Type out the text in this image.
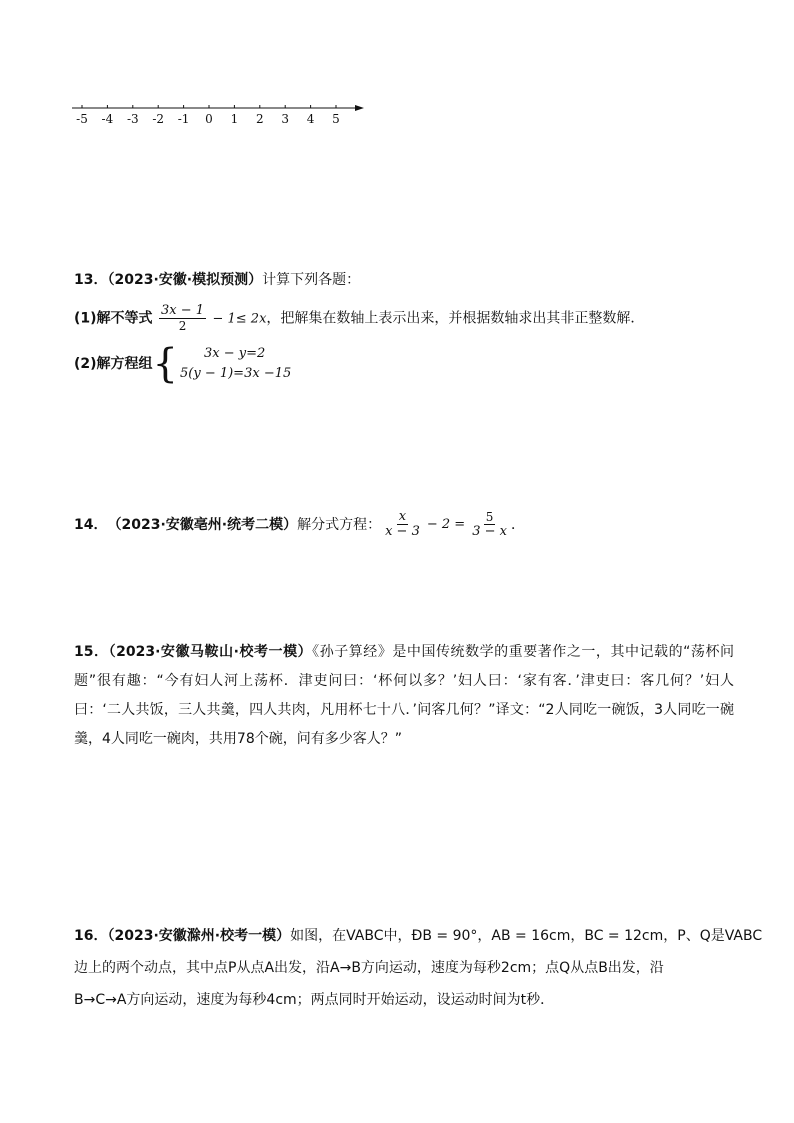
-5 -4 -3 -2 -1 0 1 2 3 4 5
13．（2023·安徽·模拟预测）计算下列各题：
(1)解不等式 $\frac{3x - 1}{2} - 1\le 2x$，把解集在数轴上表示出来，并根据数轴求出其非正整数解．
(2)解方程组 {	3x − y=2
5(y − 1)=3x −15
14 ． （2023·安徽亳州·统考二模） 解分式方程： $\frac{x}{x - 3} - 2 = \frac{5}{3 - x}$ ．
15．（2023·安徽马鞍山·校考一模）《孙子算经》是中国传统数学的重要著作之一，其中记载的“荡杯问题”很有趣：“今有妇人河上荡杯．津吏问曰：‘杯何以多？’妇人曰：‘家有客．’津吏曰：客几何？’妇人曰：‘二人共饭，三人共羹，四人共肉，凡用杯七十八．’问客几何？”译文：“2人同吃一碗饭，3人同吃一碗羹，4人同吃一碗肉，共用78个碗，问有多少客人？”
16．（2023·安徽滁州·校考一模）如图，在VABC中，ÐB = 90°，AB = 16cm，BC = 12cm，P、Q是VABC
边上的两个动点，其中点P从点A出发，沿A→B方向运动，速度为每秒2cm；点Q从点B出发，沿
B→C→A方向运动，速度为每秒4cm；两点同时开始运动，设运动时间为t秒．
